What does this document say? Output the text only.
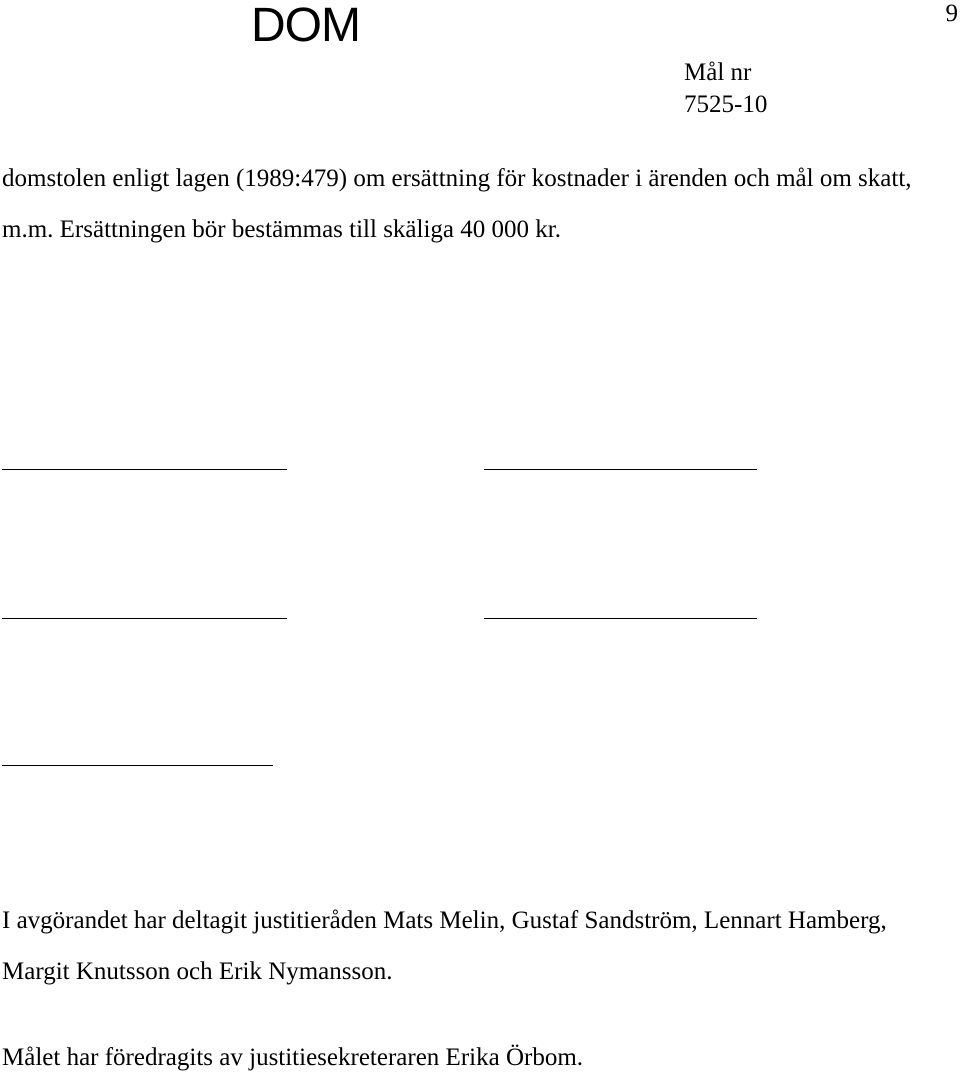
DOM	9
Mål nr
7525-10

domstolen enligt lagen (1989:479) om ersättning för kostnader i ärenden och mål om skatt, m.m. Ersättningen bör bestämmas till skäliga 40 000 kr.

I avgörandet har deltagit justitieråden Mats Melin, Gustaf Sandström, Lennart Hamberg, Margit Knutsson och Erik Nymansson.

Målet har föredragits av justitiesekreteraren Erika Örbom.
